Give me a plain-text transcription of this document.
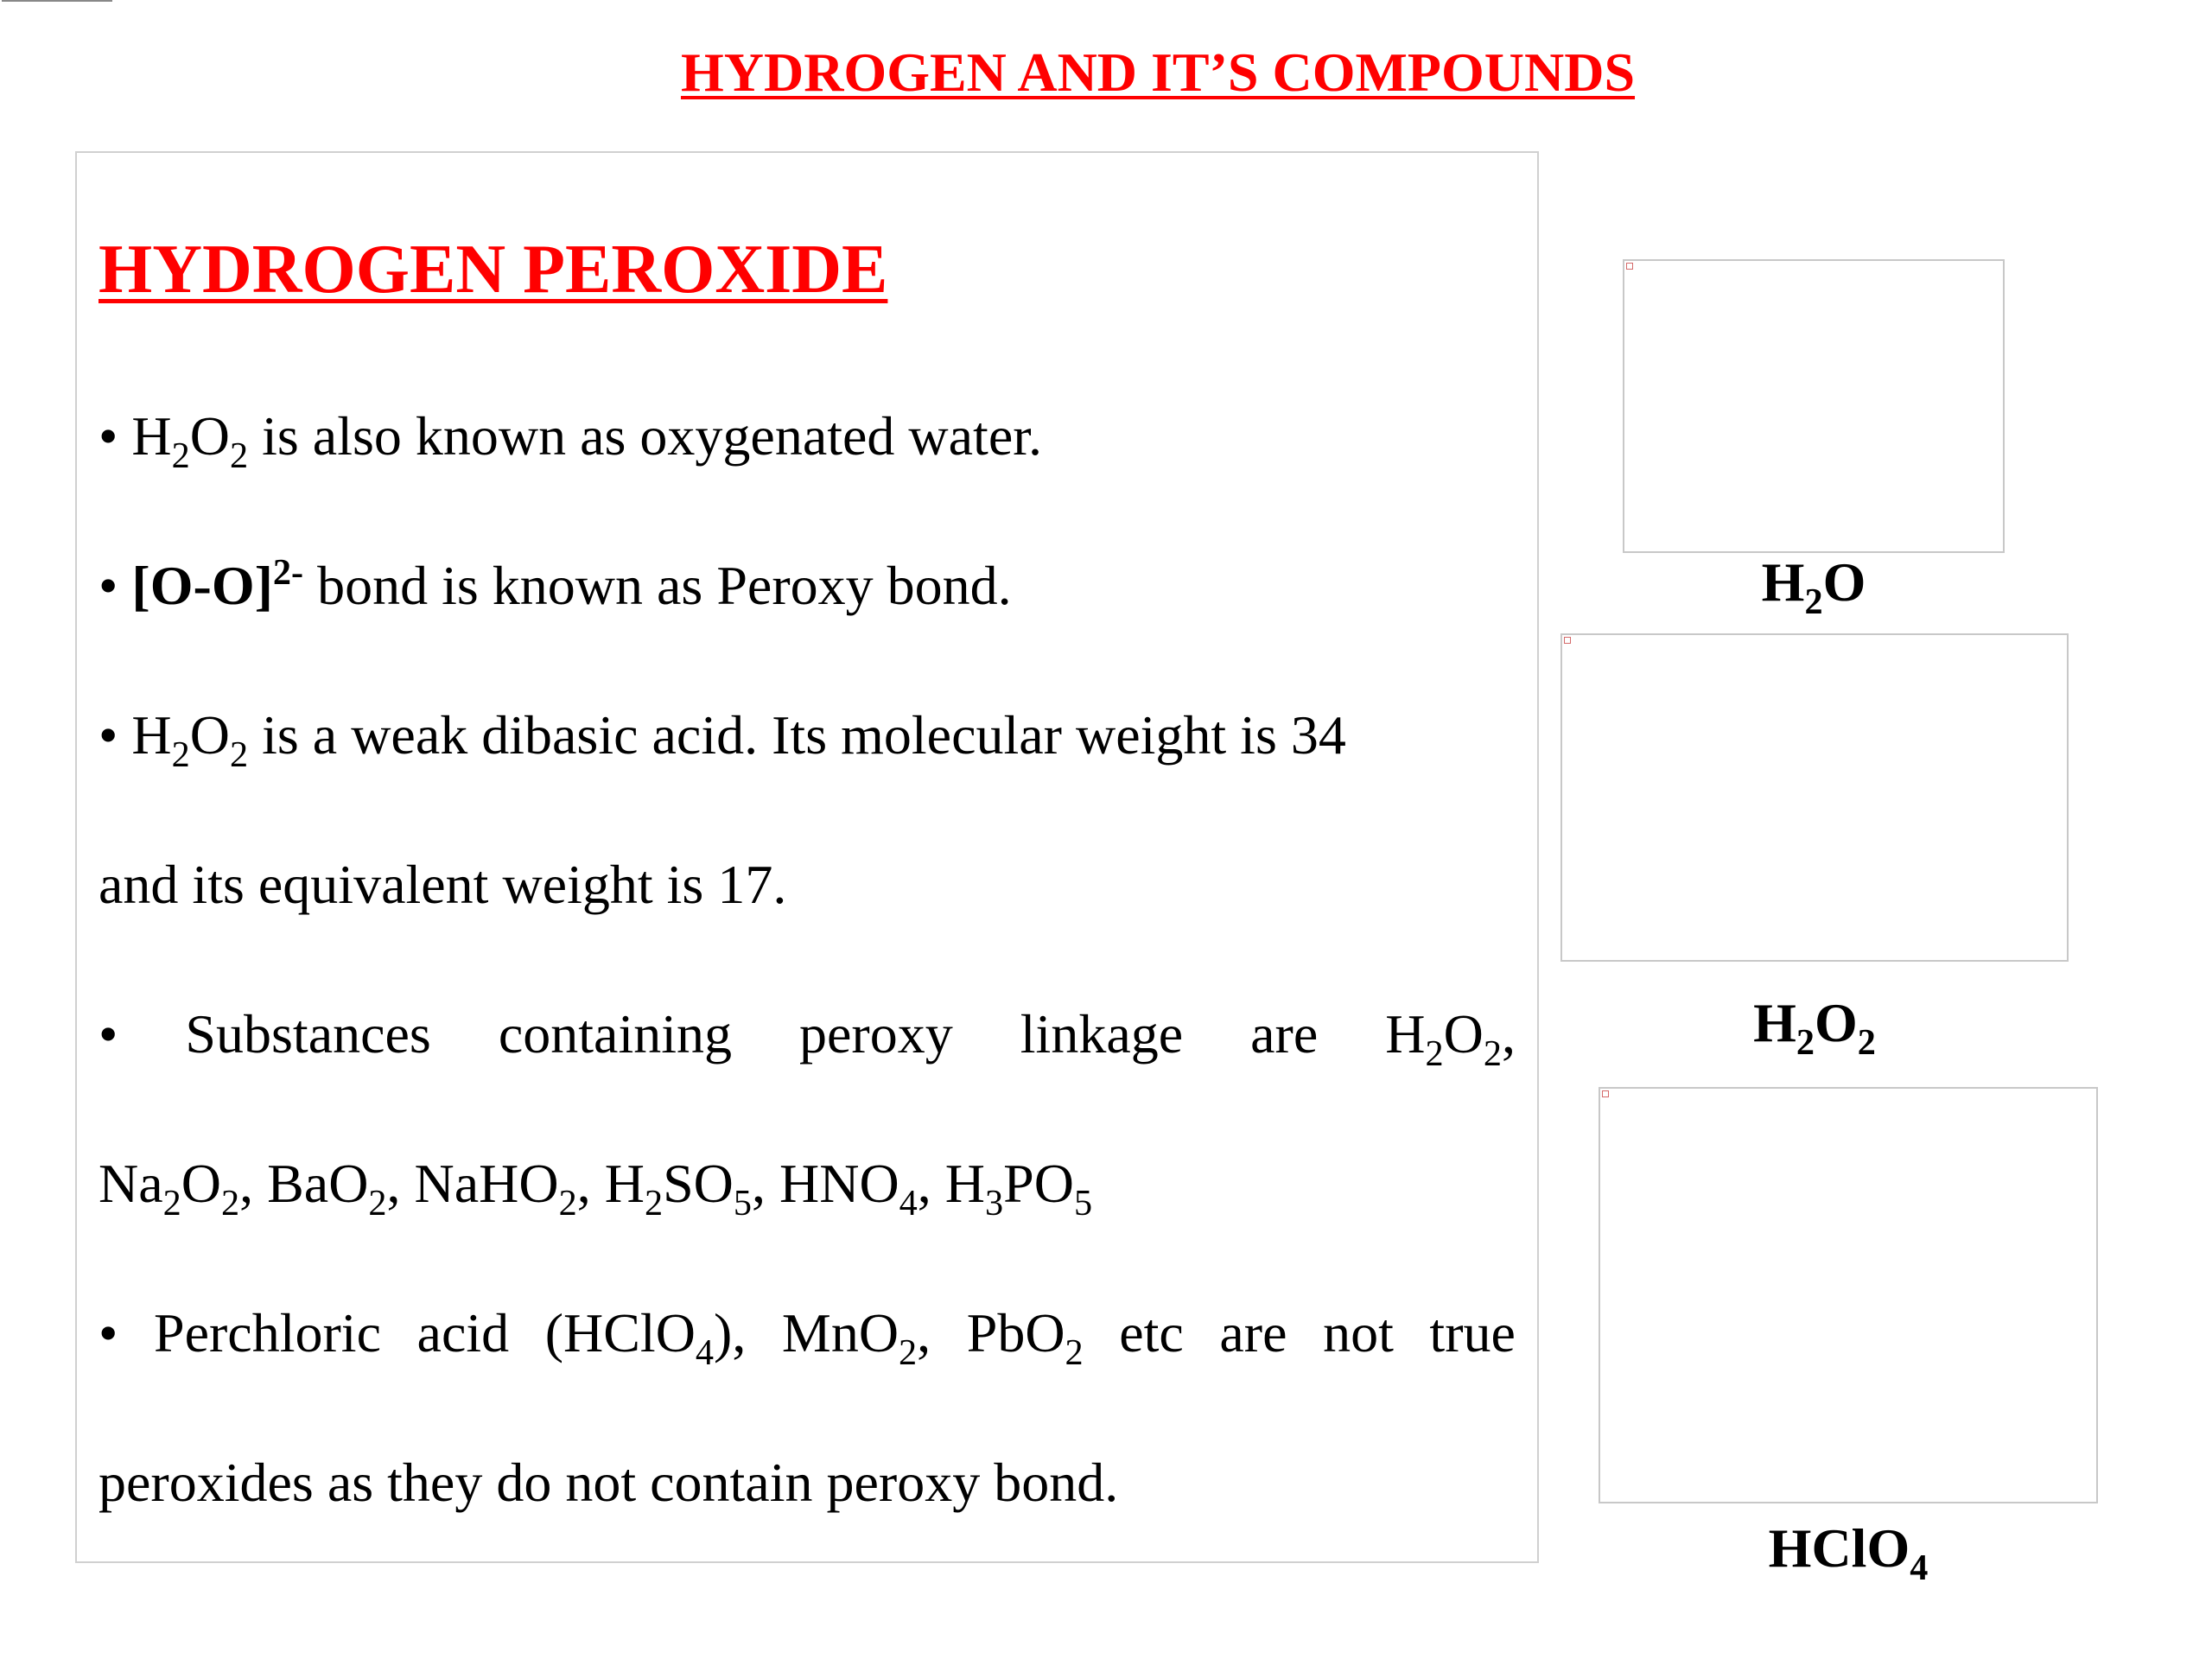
HYDROGEN AND IT’S COMPOUNDS
HYDROGEN PEROXIDE
• $H_2O_2$ is also known as oxygenated water.
• $[O-O]^{2-}$ bond is known as Peroxy bond.
• $H_2O_2$ is a weak dibasic acid. Its molecular weight is 34
and its equivalent weight is 17.
• Substances containing peroxy linkage are $H_2O_2$,
$Na_2O_2$, BaO$_2$, NaHO$_2$, $H_2SO_5$, $HNO_4$, $H_3PO_5$
• Perchloric acid (HClO$_4$), MnO$_2$, PbO$_2$ etc are not true
peroxides as they do not contain peroxy bond.
$H_2O$
$H_2O_2$
HClO$_4$
